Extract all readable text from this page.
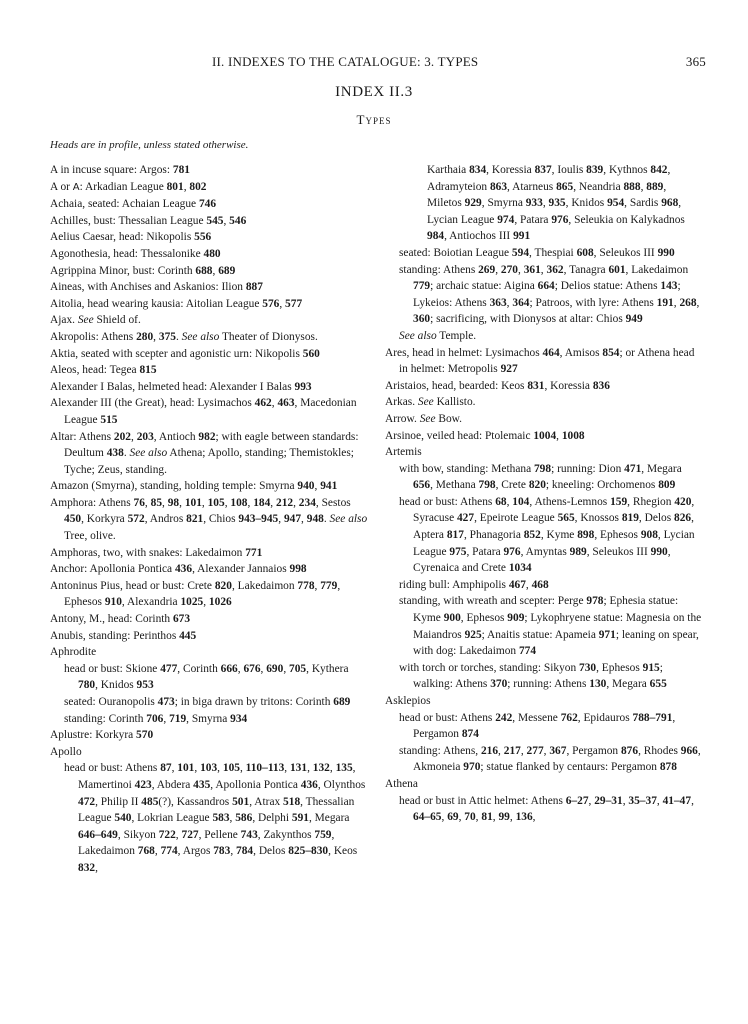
II. INDEXES TO THE CATALOGUE: 3. TYPES	365
INDEX II.3
Types
Heads are in profile, unless stated otherwise.

A in incuse square: Argos: 781

A or A: Arkadian League 801, 802

Achaia, seated: Achaian League 746

Achilles, bust: Thessalian League 545, 546

Aelius Caesar, head: Nikopolis 556

Agonothesia, head: Thessalonike 480

Agrippina Minor, bust: Corinth 688, 689

Aineas, with Anchises and Askanios: Ilion 887

Aitolia, head wearing kausia: Aitolian League 576, 577

Ajax. See Shield of.

Akropolis: Athens 280, 375. See also Theater of Dionysos.

Aktia, seated with scepter and agonistic urn: Nikopolis 560

Aleos, head: Tegea 815

Alexander I Balas, helmeted head: Alexander I Balas 993

Alexander III (the Great), head: Lysimachos 462, 463, Macedonian League 515

Altar: Athens 202, 203, Antioch 982; with eagle between standards: Deultum 438. See also Athena; Apollo, standing; Themistokles; Tyche; Zeus, standing.

Amazon (Smyrna), standing, holding temple: Smyrna 940, 941

Amphora: Athens 76, 85, 98, 101, 105, 108, 184, 212, 234, Sestos 450, Korkyra 572, Andros 821, Chios 943–945, 947, 948. See also Tree, olive.

Amphoras, two, with snakes: Lakedaimon 771

Anchor: Apollonia Pontica 436, Alexander Jannaios 998

Antoninus Pius, head or bust: Crete 820, Lakedaimon 778, 779, Ephesos 910, Alexandria 1025, 1026

Antony, M., head: Corinth 673

Anubis, standing: Perinthos 445

Aphrodite

head or bust: Skione 477, Corinth 666, 676, 690, 705, Kythera 780, Knidos 953

seated: Ouranopolis 473; in biga drawn by tritons: Corinth 689

standing: Corinth 706, 719, Smyrna 934

Aplustre: Korkyra 570

Apollo

head or bust: Athens 87, 101, 103, 105, 110–113, 131, 132, 135, Mamertinoi 423, Abdera 435, Apollonia Pontica 436, Olynthos 472, Philip II 485(?), Kassandros 501, Atrax 518, Thessalian League 540, Lokrian League 583, 586, Delphi 591, Megara 646–649, Sikyon 722, 727, Pellene 743, Zakynthos 759, Lakedaimon 768, 774, Argos 783, 784, Delos 825–830, Keos 832,

Karthaia 834, Koressia 837, Ioulis 839, Kythnos 842, Adramyteion 863, Atarneus 865, Neandria 888, 889, Miletos 929, Smyrna 933, 935, Knidos 954, Sardis 968, Lycian League 974, Patara 976, Seleukia on Kalykadnos 984, Antiochos III 991

seated: Boiotian League 594, Thespiai 608, Seleukos III 990

standing: Athens 269, 270, 361, 362, Tanagra 601, Lakedaimon 779; archaic statue: Aigina 664; Delios statue: Athens 143; Lykeios: Athens 363, 364; Patroos, with lyre: Athens 191, 268, 360; sacrificing, with Dionysos at altar: Chios 949

See also Temple.

Ares, head in helmet: Lysimachos 464, Amisos 854; or Athena head in helmet: Metropolis 927

Aristaios, head, bearded: Keos 831, Koressia 836

Arkas. See Kallisto.

Arrow. See Bow.

Arsinoe, veiled head: Ptolemaic 1004, 1008

Artemis

with bow, standing: Methana 798; running: Dion 471, Megara 656, Methana 798, Crete 820; kneeling: Orchomenos 809

head or bust: Athens 68, 104, Athens-Lemnos 159, Rhegion 420, Syracuse 427, Epeirote League 565, Knossos 819, Delos 826, Aptera 817, Phanagoria 852, Kyme 898, Ephesos 908, Lycian League 975, Patara 976, Amyntas 989, Seleukos III 990, Cyrenaica and Crete 1034

riding bull: Amphipolis 467, 468

standing, with wreath and scepter: Perge 978; Ephesia statue: Kyme 900, Ephesos 909; Lykophryene statue: Magnesia on the Maiandros 925; Anaitis statue: Apameia 971; leaning on spear, with dog: Lakedaimon 774

with torch or torches, standing: Sikyon 730, Ephesos 915; walking: Athens 370; running: Athens 130, Megara 655

Asklepios

head or bust: Athens 242, Messene 762, Epidauros 788–791, Pergamon 874

standing: Athens, 216, 217, 277, 367, Pergamon 876, Rhodes 966, Akmoneia 970; statue flanked by centaurs: Pergamon 878

Athena

head or bust in Attic helmet: Athens 6–27, 29–31, 35–37, 41–47, 64–65, 69, 70, 81, 99, 136,
